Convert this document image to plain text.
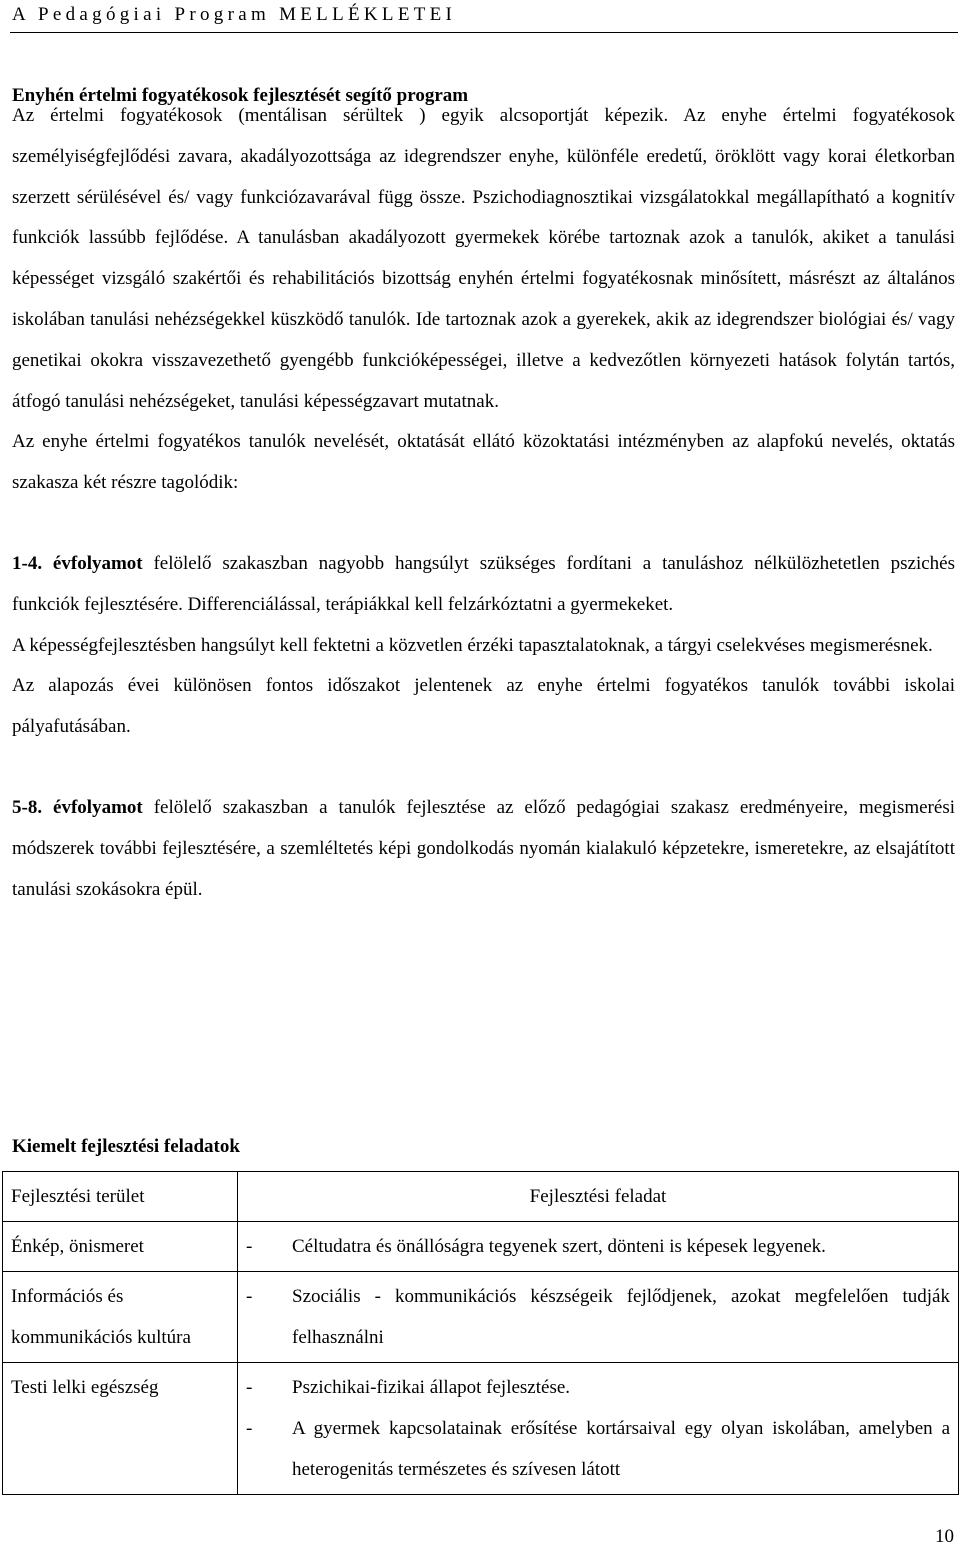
A Pedagógiai Program MELLÉKLETEI

Enyhén értelmi fogyatékosok fejlesztését segítő program

Az értelmi fogyatékosok (mentálisan sérültek ) egyik alcsoportját képezik. Az enyhe értelmi fogyatékosok személyiségfejlődési zavara, akadályozottsága az idegrendszer enyhe, különféle eredetű, öröklött vagy korai életkorban szerzett sérülésével és/ vagy funkciózavarával függ össze. Pszichodiagnosztikai vizsgálatokkal megállapítható a kognitív funkciók lassúbb fejlődése. A tanulásban akadályozott gyermekek körébe tartoznak azok a tanulók, akiket a tanulási képességet vizsgáló szakértői és rehabilitációs bizottság enyhén értelmi fogyatékosnak minősített, másrészt az általános iskolában tanulási nehézségekkel küszködő tanulók. Ide tartoznak azok a gyerekek, akik az idegrendszer biológiai és/ vagy genetikai okokra visszavezethető gyengébb funkcióképességei, illetve a kedvezőtlen környezeti hatások folytán tartós, átfogó tanulási nehézségeket, tanulási képességzavart mutatnak.

Az enyhe értelmi fogyatékos tanulók nevelését, oktatását ellátó közoktatási intézményben az alapfokú nevelés, oktatás szakasza két részre tagolódik:

1-4. évfolyamot felölelő szakaszban nagyobb hangsúlyt szükséges fordítani a tanuláshoz nélkülözhetetlen pszichés funkciók fejlesztésére. Differenciálással, terápiákkal kell felzárkóztatni a gyermekeket.

A képességfejlesztésben hangsúlyt kell fektetni a közvetlen érzéki tapasztalatoknak, a tárgyi cselekvéses megismerésnek.

Az alapozás évei különösen fontos időszakot jelentenek az enyhe értelmi fogyatékos tanulók további iskolai pályafutásában.

5-8. évfolyamot felölelő szakaszban a tanulók fejlesztése az előző pedagógiai szakasz eredményeire, megismerési módszerek további fejlesztésére, a szemléltetés képi gondolkodás nyomán kialakuló képzetekre, ismeretekre, az elsajátított tanulási szokásokra épül.

Kiemelt fejlesztési feladatok
Fejlesztési terület	Fejlesztési feladat
Énkép, önismeret	- Céltudatra és önállóságra tegyenek szert, dönteni is képesek legyenek.

Információs és kommunikációs kultúra	- Szociális - kommunikációs készségeik fejlődjenek, azokat megfelelően tudják felhasználni

Testi lelki egészség	- Pszichikai-fizikai állapot fejlesztése.
- A gyermek kapcsolatainak erősítése kortársaival egy olyan iskolában, amelyben a heterogenitás természetes és szívesen látott
10
